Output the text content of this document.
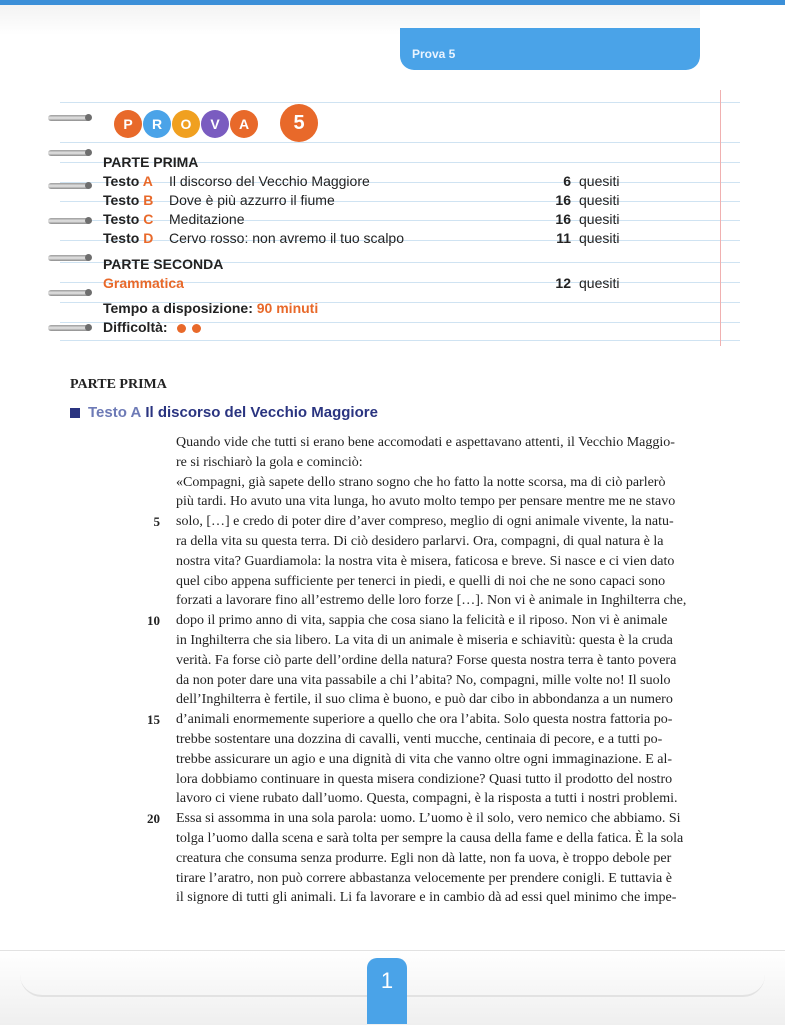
Prova 5
P	R	O	V	A	5
PARTE PRIMA
Testo A Il discorso del Vecchio Maggiore	6 quesiti
Testo B Dove è più azzurro il fiume	16 quesiti
Testo C Meditazione	16 quesiti
Testo D Cervo rosso: non avremo il tuo scalpo	11 quesiti
PARTE SECONDA
Grammatica	12 quesiti
Tempo a disposizione: 90 minuti
Difficoltà:
PARTE PRIMA
Testo A Il discorso del Vecchio Maggiore
Quando vide che tutti si erano bene accomodati e aspettavano attenti, il Vecchio Maggio-
re si rischiarò la gola e cominciò:
«Compagni, già sapete dello strano sogno che ho fatto la notte scorsa, ma di ciò parlerò
più tardi. Ho avuto una vita lunga, ho avuto molto tempo per pensare mentre me ne stavo
solo, […] e credo di poter dire d’aver compreso, meglio di ogni animale vivente, la natu-
ra della vita su questa terra. Di ciò desidero parlarvi. Ora, compagni, di qual natura è la
nostra vita? Guardiamola: la nostra vita è misera, faticosa e breve. Si nasce e ci vien dato
quel cibo appena sufficiente per tenerci in piedi, e quelli di noi che ne sono capaci sono
forzati a lavorare fino all’estremo delle loro forze […]. Non vi è animale in Inghilterra che,
dopo il primo anno di vita, sappia che cosa siano la felicità e il riposo. Non vi è animale
in Inghilterra che sia libero. La vita di un animale è miseria e schiavitù: questa è la cruda
verità. Fa forse ciò parte dell’ordine della natura? Forse questa nostra terra è tanto povera
da non poter dare una vita passabile a chi l’abita? No, compagni, mille volte no! Il suolo
dell’Inghilterra è fertile, il suo clima è buono, e può dar cibo in abbondanza a un numero
d’animali enormemente superiore a quello che ora l’abita. Solo questa nostra fattoria po-
trebbe sostentare una dozzina di cavalli, venti mucche, centinaia di pecore, e a tutti po-
trebbe assicurare un agio e una dignità di vita che vanno oltre ogni immaginazione. E al-
lora dobbiamo continuare in questa misera condizione? Quasi tutto il prodotto del nostro
lavoro ci viene rubato dall’uomo. Questa, compagni, è la risposta a tutti i nostri problemi.
Essa si assomma in una sola parola: uomo. L’uomo è il solo, vero nemico che abbiamo. Si
tolga l’uomo dalla scena e sarà tolta per sempre la causa della fame e della fatica. È la sola
creatura che consuma senza produrre. Egli non dà latte, non fa uova, è troppo debole per
tirare l’aratro, non può correre abbastanza velocemente per prendere conigli. E tuttavia è
il signore di tutti gli animali. Li fa lavorare e in cambio dà ad essi quel minimo che impe-
5
10
15
20
1
